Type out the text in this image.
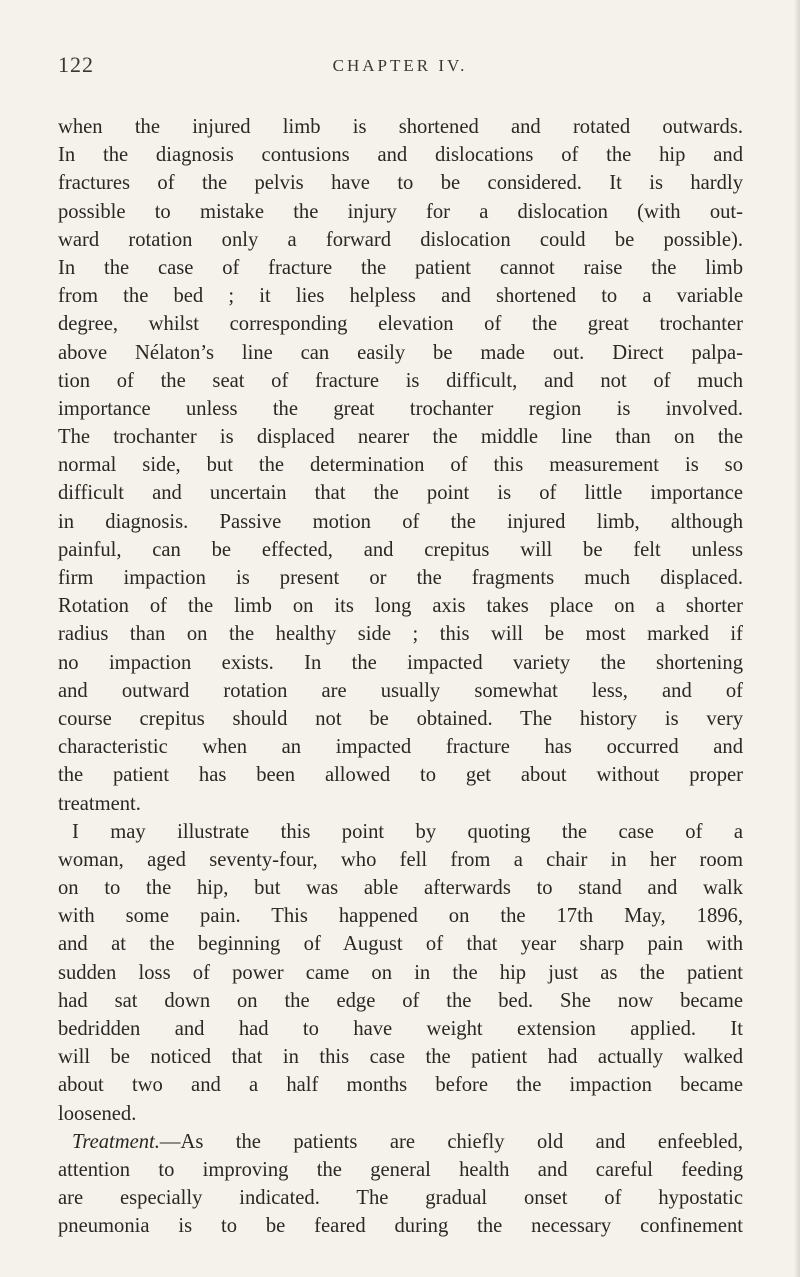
122	CHAPTER IV.
when the injured limb is shortened and rotated outwards.
In the diagnosis contusions and dislocations of the hip and
fractures of the pelvis have to be considered. It is hardly
possible to mistake the injury for a dislocation (with out-
ward rotation only a forward dislocation could be possible).
In the case of fracture the patient cannot raise the limb
from the bed ; it lies helpless and shortened to a variable
degree, whilst corresponding elevation of the great trochanter
above Nélaton’s line can easily be made out. Direct palpa-
tion of the seat of fracture is difficult, and not of much
importance unless the great trochanter region is involved.
The trochanter is displaced nearer the middle line than on the
normal side, but the determination of this measurement is so
difficult and uncertain that the point is of little importance
in diagnosis. Passive motion of the injured limb, although
painful, can be effected, and crepitus will be felt unless
firm impaction is present or the fragments much displaced.
Rotation of the limb on its long axis takes place on a shorter
radius than on the healthy side ; this will be most marked if
no impaction exists. In the impacted variety the shortening
and outward rotation are usually somewhat less, and of
course crepitus should not be obtained. The history is very
characteristic when an impacted fracture has occurred and
the patient has been allowed to get about without proper
treatment.
I may illustrate this point by quoting the case of a
woman, aged seventy-four, who fell from a chair in her room
on to the hip, but was able afterwards to stand and walk
with some pain. This happened on the 17th May, 1896,
and at the beginning of August of that year sharp pain with
sudden loss of power came on in the hip just as the patient
had sat down on the edge of the bed. She now became
bedridden and had to have weight extension applied. It
will be noticed that in this case the patient had actually walked
about two and a half months before the impaction became
loosened.
Treatment.—As the patients are chiefly old and enfeebled,
attention to improving the general health and careful feeding
are especially indicated. The gradual onset of hypostatic
pneumonia is to be feared during the necessary confinement
